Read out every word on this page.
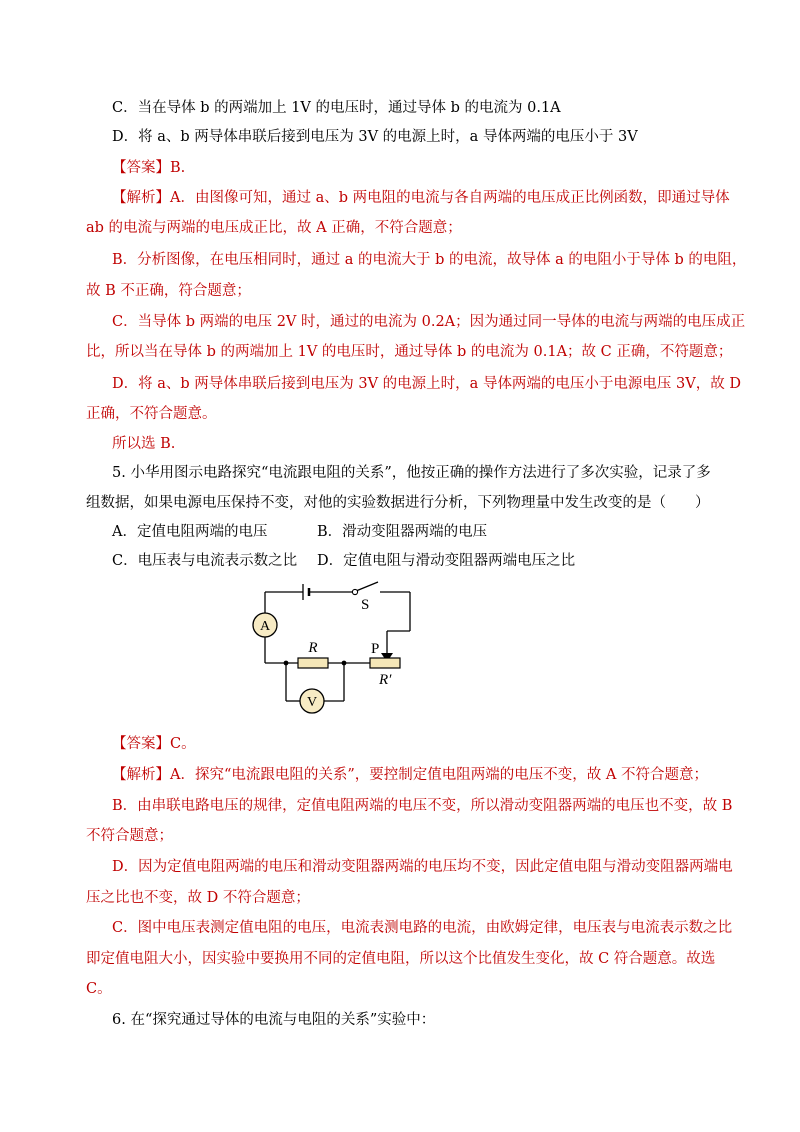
C．当在导体 b 的两端加上 1V 的电压时，通过导体 b 的电流为 0.1A
D．将 a、b 两导体串联后接到电压为 3V 的电源上时，a 导体两端的电压小于 3V
【答案】B.
【解析】A．由图像可知，通过 a、b 两电阻的电流与各自两端的电压成正比例函数，即通过导体
ab 的电流与两端的电压成正比，故 A 正确，不符合题意；
B．分析图像，在电压相同时，通过 a 的电流大于 b 的电流，故导体 a 的电阻小于导体 b 的电阻，
故 B 不正确，符合题意；
C．当导体 b 两端的电压 2V 时，通过的电流为 0.2A；因为通过同一导体的电流与两端的电压成正
比，所以当在导体 b 的两端加上 1V 的电压时，通过导体 b 的电流为 0.1A；故 C 正确，不符题意；
D．将 a、b 两导体串联后接到电压为 3V 的电源上时，a 导体两端的电压小于电源电压 3V，故 D
正确，不符合题意。
所以选 B.
5. 小华用图示电路探究“电流跟电阻的关系”，他按正确的操作方法进行了多次实验，记录了多
组数据，如果电源电压保持不变，对他的实验数据进行分析，下列物理量中发生改变的是（　　）
A．定值电阻两端的电压	B．滑动变阻器两端的电压
C．电压表与电流表示数之比 D．定值电阻与滑动变阻器两端电压之比
A
V
S
R	P
R′
【答案】C。
【解析】A．探究“电流跟电阻的关系”，要控制定值电阻两端的电压不变，故 A 不符合题意；
B．由串联电路电压的规律，定值电阻两端的电压不变，所以滑动变阻器两端的电压也不变，故 B
不符合题意；
D．因为定值电阻两端的电压和滑动变阻器两端的电压均不变，因此定值电阻与滑动变阻器两端电
压之比也不变，故 D 不符合题意；
C．图中电压表测定值电阻的电压，电流表测电路的电流，由欧姆定律，电压表与电流表示数之比
即定值电阻大小，因实验中要换用不同的定值电阻，所以这个比值发生变化，故 C 符合题意。故选
C。
6. 在“探究通过导体的电流与电阻的关系”实验中：
